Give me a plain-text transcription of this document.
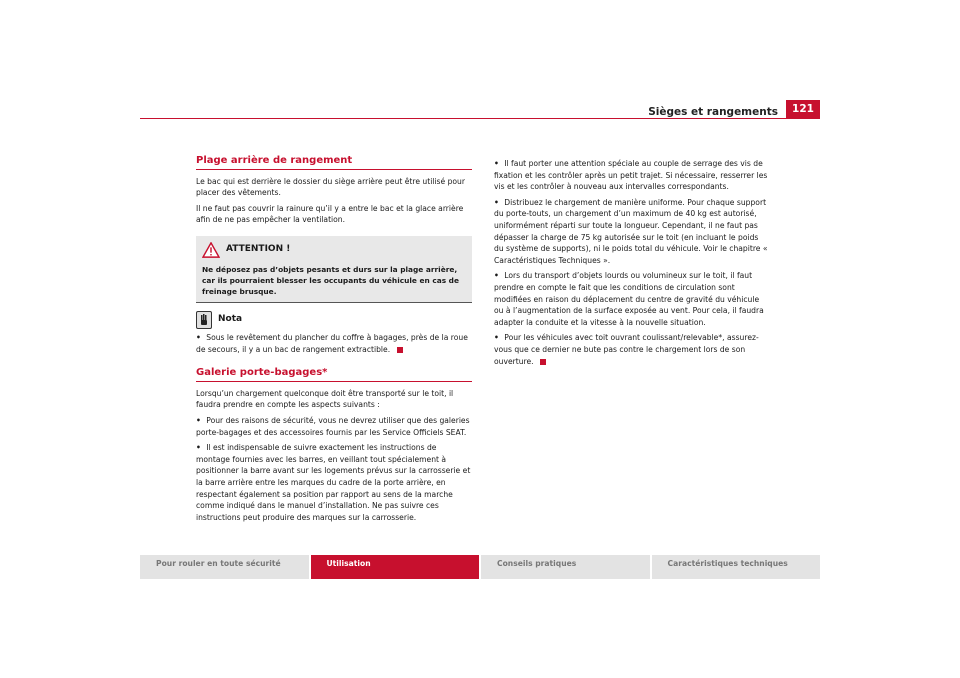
Sièges et rangements	121
Plage arrière de rangement

Le bac qui est derrière le dossier du siège arrière peut être utilisé pour placer des vêtements.

Il ne faut pas couvrir la rainure qu’il y a entre le bac et la glace arrière afin de ne pas empêcher la ventilation.

ATTENTION !
Ne déposez pas d’objets pesants et durs sur la plage arrière, car ils pourraient blesser les occupants du véhicule en cas de freinage brusque.
Nota
• Sous le revêtement du plancher du coffre à bagages, près de la roue de secours, il y a un bac de rangement extractible.
Galerie porte-bagages*

Lorsqu’un chargement quelconque doit être transporté sur le toit, il faudra prendre en compte les aspects suivants :

• Pour des raisons de sécurité, vous ne devrez utiliser que des galeries porte-bagages et des accessoires fournis par les Service Officiels SEAT.
• Il est indispensable de suivre exactement les instructions de montage fournies avec les barres, en veillant tout spécialement à positionner la barre avant sur les logements prévus sur la carrosserie et la barre arrière entre les marques du cadre de la porte arrière, en respectant également sa position par rapport au sens de la marche comme indiqué dans le manuel d’installation. Ne pas suivre ces instructions peut produire des marques sur la carrosserie.
• Il faut porter une attention spéciale au couple de serrage des vis de fixation et les contrôler après un petit trajet. Si nécessaire, resserrer les vis et les contrôler à nouveau aux intervalles correspondants.
• Distribuez le chargement de manière uniforme. Pour chaque support du porte-touts, un chargement d’un maximum de 40 kg est autorisé, uniformément réparti sur toute la longueur. Cependant, il ne faut pas dépasser la charge de 75 kg autorisée sur le toit (en incluant le poids du système de supports), ni le poids total du véhicule. Voir le chapitre « Caractéristiques Techniques ».
• Lors du transport d’objets lourds ou volumineux sur le toit, il faut prendre en compte le fait que les conditions de circulation sont modifiées en raison du déplacement du centre de gravité du véhicule ou à l’augmentation de la surface exposée au vent. Pour cela, il faudra adapter la conduite et la vitesse à la nouvelle situation.
• Pour les véhicules avec toit ouvrant coulissant/relevable*, assurez-vous que ce dernier ne bute pas contre le chargement lors de son ouverture.
Pour rouler en toute sécurité	Utilisation	Conseils pratiques	Caractéristiques techniques
